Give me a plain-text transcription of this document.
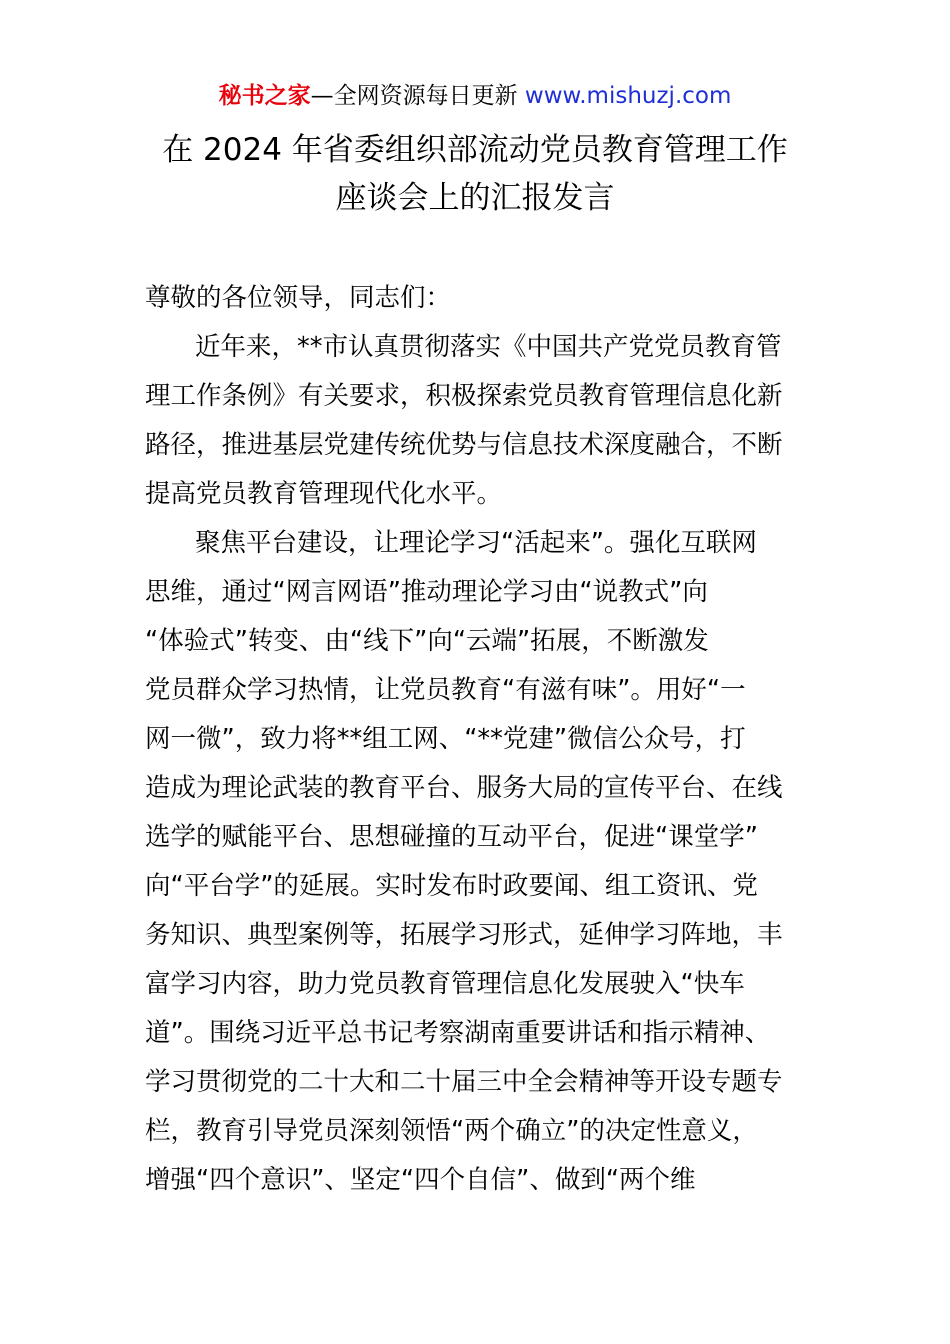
秘书之家—全网资源每日更新 www.mishuzj.com
在 2024 年省委组织部流动党员教育管理工作
座谈会上的汇报发言
尊敬的各位领导，同志们：
近年来，**市认真贯彻落实《中国共产党党员教育管
理工作条例》有关要求，积极探索党员教育管理信息化新
路径，推进基层党建传统优势与信息技术深度融合，不断
提高党员教育管理现代化水平。
聚焦平台建设，让理论学习“活起来”。强化互联网
思维，通过“网言网语”推动理论学习由“说教式”向
“体验式”转变、由“线下”向“云端”拓展，不断激发
党员群众学习热情，让党员教育“有滋有味”。用好“一
网一微”，致力将**组工网、“**党建”微信公众号，打
造成为理论武装的教育平台、服务大局的宣传平台、在线
选学的赋能平台、思想碰撞的互动平台，促进“课堂学”
向“平台学”的延展。实时发布时政要闻、组工资讯、党
务知识、典型案例等，拓展学习形式，延伸学习阵地，丰
富学习内容，助力党员教育管理信息化发展驶入“快车
道”。围绕习近平总书记考察湖南重要讲话和指示精神、
学习贯彻党的二十大和二十届三中全会精神等开设专题专
栏，教育引导党员深刻领悟“两个确立”的决定性意义，
增强“四个意识”、坚定“四个自信”、做到“两个维
